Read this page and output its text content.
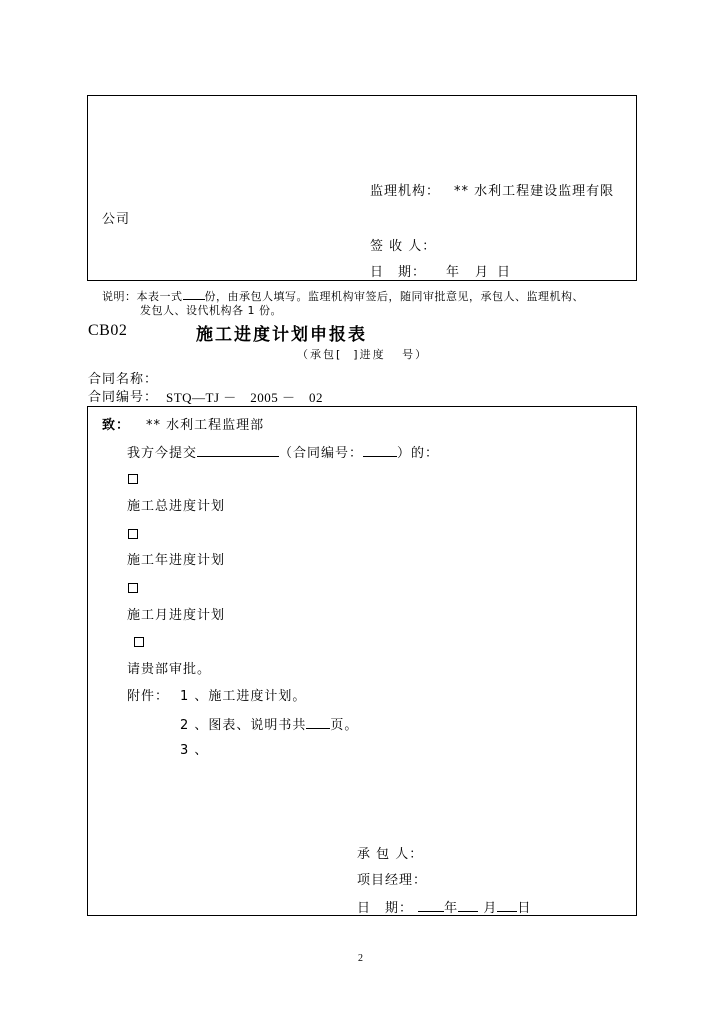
监理机构： ** 水利工程建设监理有限
公司
签 收 人：
日　期： 年 月 日
说明：本表一式 份，由承包人填写。监理机构审签后，随同审批意见，承包人、监理机构、
发包人、设代机构各 1 份。
CB02	施工进度计划申报表
（承包[ ]进度 号）
合同名称：
合同编号： STQ—TJ －　2005 －　02
致： ** 水利工程监理部
我方今提交	（合同编号：	）的：
施工总进度计划
施工年进度计划
施工月进度计划
请贵部审批。
附件： 1 、施工进度计划。
2 、图表、说明书共 页。
3 、
承 包 人：
项目经理：
日　期： 年 月 日
2
